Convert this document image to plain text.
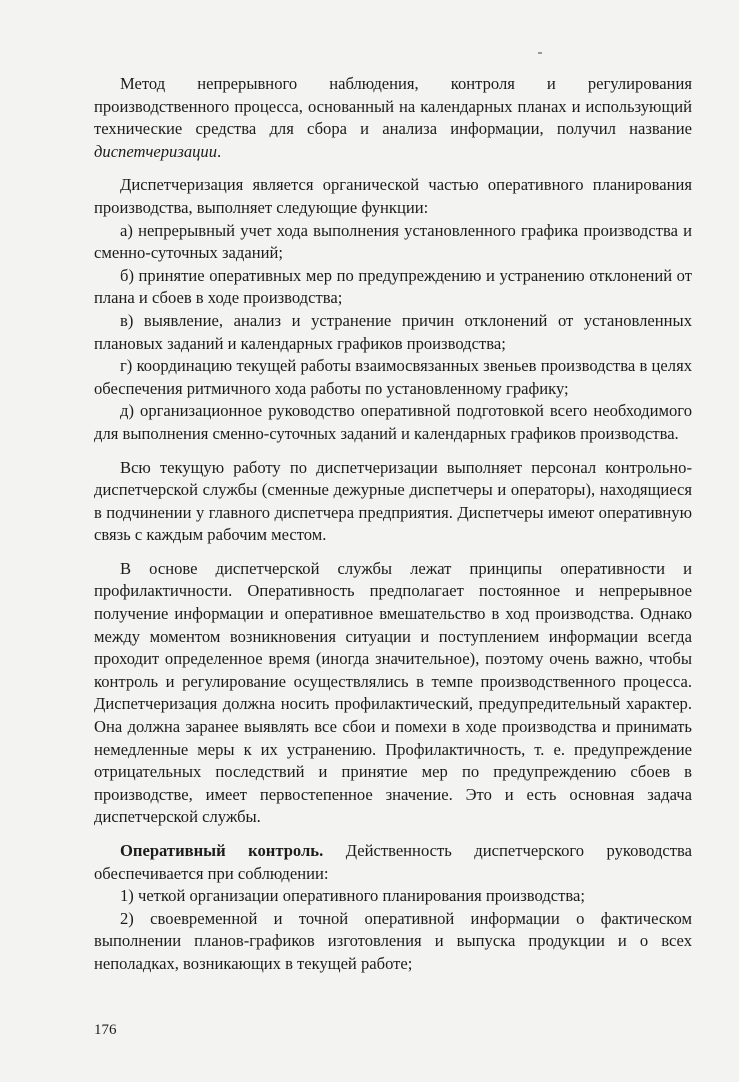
Метод непрерывного наблюдения, контроля и регулирования производственного процесса, основанный на календарных планах и использующий технические средства для сбора и анализа информации, получил название диспетчеризации.

Диспетчеризация является органической частью оперативного планирования производства, выполняет следующие функции:

а) непрерывный учет хода выполнения установленного графика производства и сменно-суточных заданий;

б) принятие оперативных мер по предупреждению и устранению отклонений от плана и сбоев в ходе производства;

в) выявление, анализ и устранение причин отклонений от установленных плановых заданий и календарных графиков производства;

г) координацию текущей работы взаимосвязанных звеньев производства в целях обеспечения ритмичного хода работы по установленному графику;

д) организационное руководство оперативной подготовкой всего необходимого для выполнения сменно-суточных заданий и календарных графиков производства.

Всю текущую работу по диспетчеризации выполняет персонал контрольно-диспетчерской службы (сменные дежурные диспетчеры и операторы), находящиеся в подчинении у главного диспетчера предприятия. Диспетчеры имеют оперативную связь с каждым рабочим местом.

В основе диспетчерской службы лежат принципы оперативности и профилактичности. Оперативность предполагает постоянное и непрерывное получение информации и оперативное вмешательство в ход производства. Однако между моментом возникновения ситуации и поступлением информации всегда проходит определенное время (иногда значительное), поэтому очень важно, чтобы контроль и регулирование осуществлялись в темпе производственного процесса. Диспетчеризация должна носить профилактический, предупредительный характер. Она должна заранее выявлять все сбои и помехи в ходе производства и принимать немедленные меры к их устранению. Профилактичность, т. е. предупреждение отрицательных последствий и принятие мер по предупреждению сбоев в производстве, имеет первостепенное значение. Это и есть основная задача диспетчерской службы.

Оперативный контроль. Действенность диспетчерского руководства обеспечивается при соблюдении:

1) четкой организации оперативного планирования производства;

2) своевременной и точной оперативной информации о фактическом выполнении планов-графиков изготовления и выпуска продукции и о всех неполадках, возникающих в текущей работе;

176
